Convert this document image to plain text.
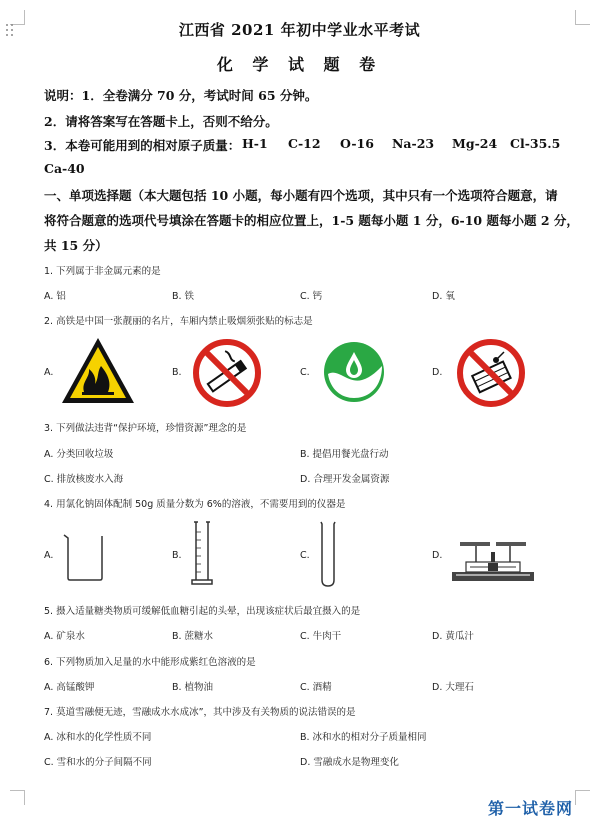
江西省 2021 年初中学业水平考试
化 学 试 题 卷
说明：1．全卷满分 70 分，考试时间 65 分钟。
2．请将答案写在答题卡上，否则不给分。
3．本卷可能用到的相对原子质量： H-1 C-12 O-16 Na-23 Mg-24 Cl-35.5
Ca-40
一、单项选择题（本大题包括 10 小题，每小题有四个选项，其中只有一个选项符合题意，请
将符合题意的选项代号填涂在答题卡的相应位置上，1-5 题每小题 1 分，6-10 题每小题 2 分，
共 15 分）
1. 下列属于非金属元素的是
A. 铝	B. 铁	C. 钙	D. 氧
2. 高铁是中国一张靓丽的名片，车厢内禁止吸烟须张贴的标志是
A.	B.	C.	D.
3. 下列做法违背“保护环境，珍惜资源”理念的是
A. 分类回收垃圾	B. 提倡用餐光盘行动
C. 排放核废水入海	D. 合理开发金属资源
4. 用氯化钠固体配制 50g 质量分数为 6%的溶液，不需要用到的仪器是
A.	B.	C.	D.
5. 摄入适量糖类物质可缓解低血糖引起的头晕，出现该症状后最宜摄入的是
A. 矿泉水	B. 蔗糖水	C. 牛肉干	D. 黄瓜汁
6. 下列物质加入足量的水中能形成紫红色溶液的是
A. 高锰酸钾	B. 植物油	C. 酒精	D. 大理石
7. 莫道雪融便无迹，雪融成水水成冰”，其中涉及有关物质的说法错误的是
A. 冰和水的化学性质不同	B. 冰和水的相对分子质量相同
C. 雪和水的分子间隔不同	D. 雪融成水是物理变化
第一试卷网
